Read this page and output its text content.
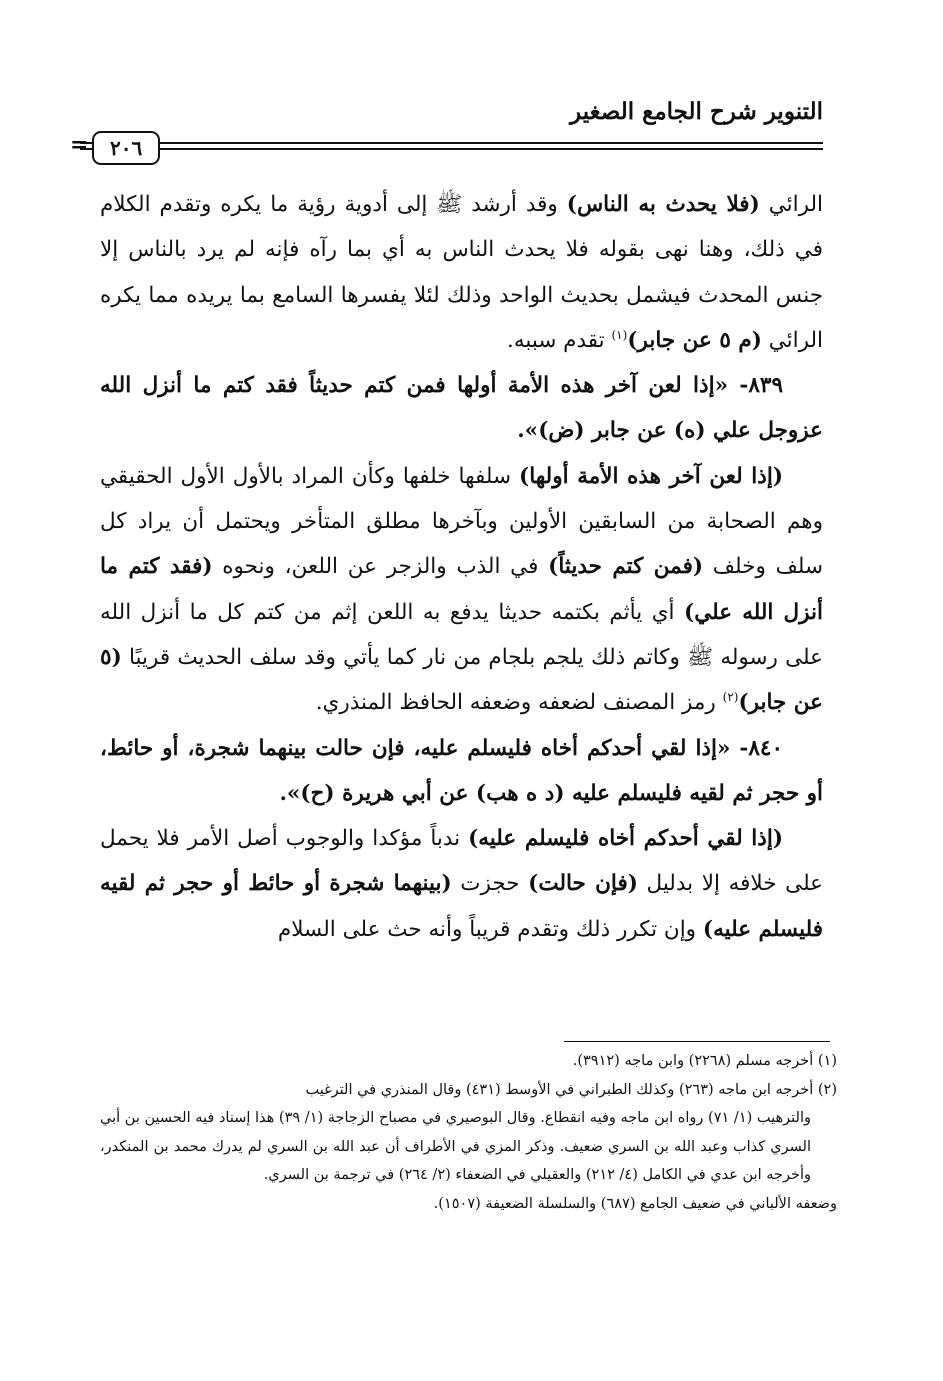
التنوير شرح الجامع الصغير
٢٠٦
=

الرائي (فلا يحدث به الناس) وقد أرشد ﷺ إلى أدوية رؤية ما يكره وتقدم الكلام في ذلك، وهنا نهى بقوله فلا يحدث الناس به أي بما رآه فإنه لم يرد بالناس إلا جنس المحدث فيشمل بحديث الواحد وذلك لئلا يفسرها السامع بما يريده مما يكره الرائي (م ٥ عن جابر)$^{(١)}$ تقدم سببه.

٨٣٩- «إذا لعن آخر هذه الأمة أولها فمن كتم حديثاً فقد كتم ما أنزل الله عزوجل علي (ه) عن جابر (ض)».

(إذا لعن آخر هذه الأمة أولها) سلفها خلفها وكأن المراد بالأول الأول الحقيقي وهم الصحابة من السابقين الأولين وبآخرها مطلق المتأخر ويحتمل أن يراد كل سلف وخلف (فمن كتم حديثاً) في الذب والزجر عن اللعن، ونحوه (فقد كتم ما أنزل الله علي) أي يأثم بكتمه حديثا يدفع به اللعن إثم من كتم كل ما أنزل الله على رسوله ﷺ وكاتم ذلك يلجم بلجام من نار كما يأتي وقد سلف الحديث قريبًا (٥ عن جابر)$^{(٢)}$ رمز المصنف لضعفه وضعفه الحافظ المنذري.

٨٤٠- «إذا لقي أحدكم أخاه فليسلم عليه، فإن حالت بينهما شجرة، أو حائط، أو حجر ثم لقيه فليسلم عليه (د ه هب) عن أبي هريرة (ح)».

(إذا لقي أحدكم أخاه فليسلم عليه) ندباً مؤكدا والوجوب أصل الأمر فلا يحمل على خلافه إلا بدليل (فإن حالت) حجزت (بينهما شجرة أو حائط أو حجر ثم لقيه فليسلم عليه) وإن تكرر ذلك وتقدم قريباً وأنه حث على السلام

(١) أخرجه مسلم (٢٢٦٨) وابن ماجه (٣٩١٢).

(٢) أخرجه ابن ماجه (٢٦٣) وكذلك الطبراني في الأوسط (٤٣١) وقال المنذري في الترغيب

والترهيب (١/ ٧١) رواه ابن ماجه وفيه انقطاع. وقال البوصيري في مصباح الزجاجة (١/ ٣٩) هذا إسناد فيه الحسين بن أبي السري كذاب وعبد الله بن السري ضعيف. وذكر المزي في الأطراف أن عبد الله بن السري لم يدرك محمد بن المنكدر، وأخرجه ابن عدي في الكامل (٤/ ٢١٢) والعقيلي في الضعفاء (٢/ ٢٦٤) في ترجمة بن السري.

وضعفه الألباني في ضعيف الجامع (٦٨٧) والسلسلة الضعيفة (١٥٠٧).
